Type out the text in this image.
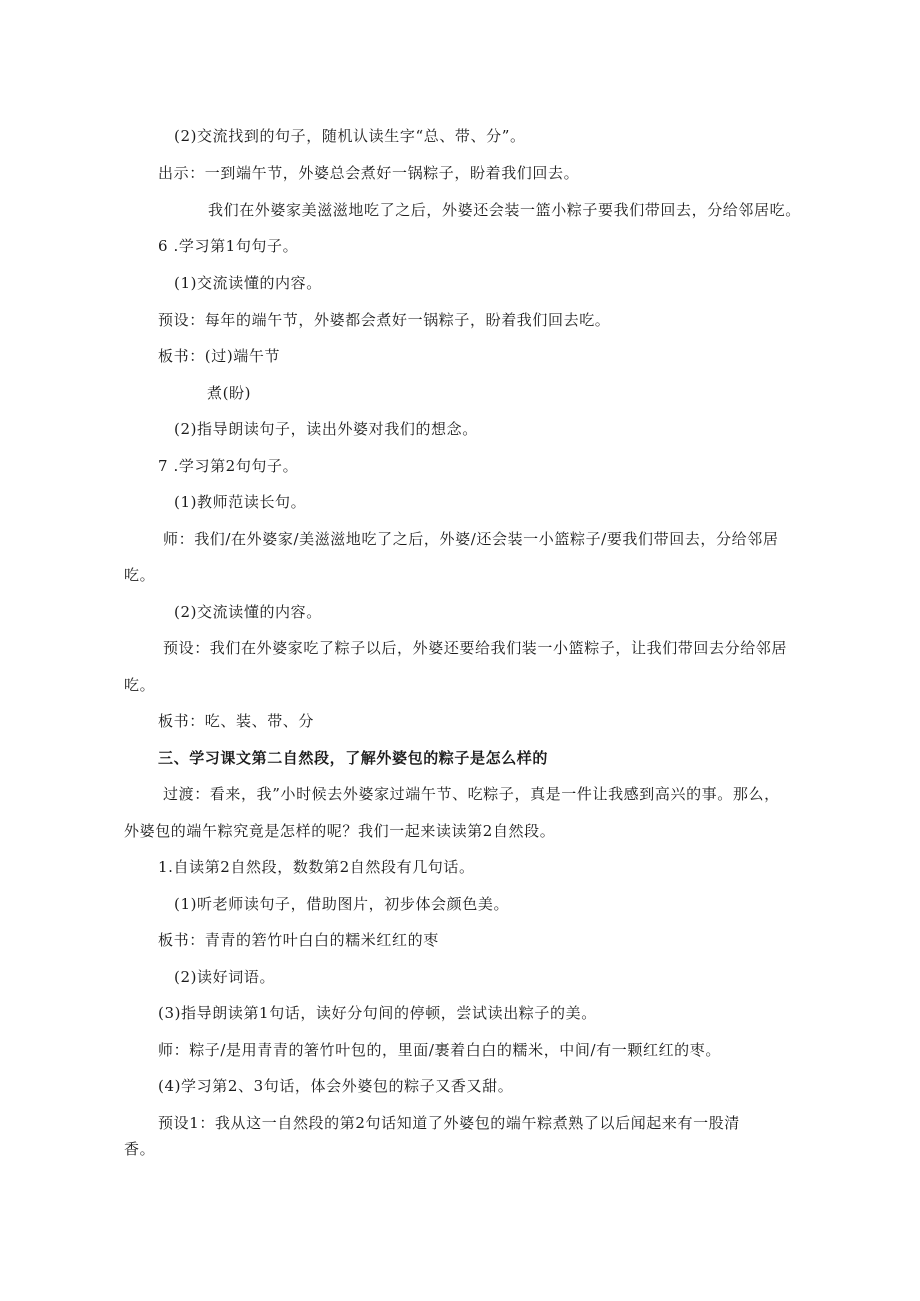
(2)交流找到的句子，随机认读生字“总、带、分”。
出示：一到端午节，外婆总会煮好一锅粽子，盼着我们回去。
我们在外婆家美滋滋地吃了之后，外婆还会装一篮小粽子要我们带回去，分给邻居吃。
6 .学习第1句句子。
(1)交流读懂的内容。
预设：每年的端午节，外婆都会煮好一锅粽子，盼着我们回去吃。
板书：(过)端午节
煮(盼)
(2)指导朗读句子，读出外婆对我们的想念。
7 .学习第2句句子。
(1)教师范读长句。
师：我们/在外婆家/美滋滋地吃了之后，外婆/还会装一小篮粽子/要我们带回去，分给邻居
吃。
(2)交流读懂的内容。
预设：我们在外婆家吃了粽子以后，外婆还要给我们装一小篮粽子，让我们带回去分给邻居
吃。
板书：吃、装、带、分
三、学习课文第二自然段，了解外婆包的粽子是怎么样的
过渡：看来，我”小时候去外婆家过端午节、吃粽子，真是一件让我感到高兴的事。那么，
外婆包的端午粽究竟是怎样的呢？我们一起来读读第2自然段。
1.自读第2自然段，数数第2自然段有几句话。
(1)听老师读句子，借助图片，初步体会颜色美。
板书：青青的箬竹叶白白的糯米红红的枣
(2)读好词语。
(3)指导朗读第1句话，读好分句间的停顿，尝试读出粽子的美。
师：粽子/是用青青的箸竹叶包的，里面/裹着白白的糯米，中间/有一颗红红的枣。
(4)学习第2、3句话，体会外婆包的粽子又香又甜。
预设1：我从这一自然段的第2句话知道了外婆包的端午粽煮熟了以后闻起来有一股清
香。
